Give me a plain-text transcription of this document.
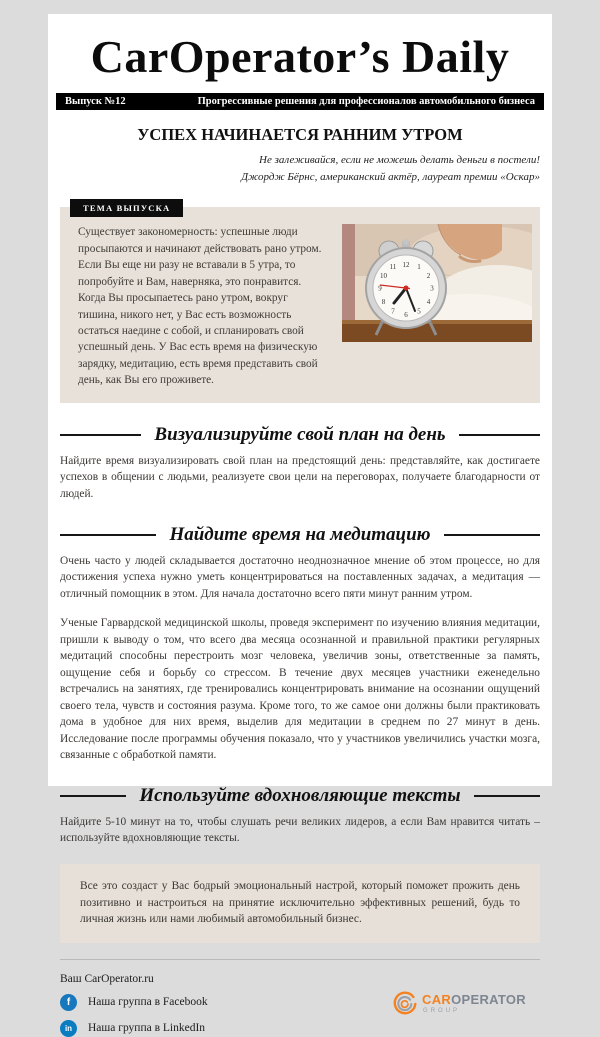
CarOperator’s Daily
Выпуск №12	Прогрессивные решения для профессионалов автомобильного бизнеса
УСПЕХ НАЧИНАЕТСЯ РАННИМ УТРОМ
Не залеживайся, если не можешь делать деньги в постели!
Джордж Бёрнс, американский актёр, лауреат премии «Оскар»
ТЕМА ВЫПУСКА
Существует закономерность: успешные люди просыпаются и начинают действовать рано утром. Если Вы еще ни разу не вставали в 5 утра, то попробуйте и Вам, наверняка, это понравится. Когда Вы просыпаетесь рано утром, вокруг тишина, никого нет, у Вас есть возможность остаться наедине с собой, и спланировать свой успешный день. У Вас есть время на физическую зарядку, медитацию, есть время представить свой день, как Вы его проживете.
12 1
2
3
4
5
6
7
8
9
10
11
Визуализируйте свой план на день

Найдите время визуализировать свой план на предстоящий день: представляйте, как достигаете успехов в общении с людьми, реализуете свои цели на переговорах, получаете благодарности от людей.

Найдите время на медитацию

Очень часто у людей складывается достаточно неоднозначное мнение об этом процессе, но для достижения успеха нужно уметь концентрироваться на поставленных задачах, а медитация — отличный помощник в этом. Для начала достаточно всего пяти минут ранним утром.

Ученые Гарвардской медицинской школы, проведя эксперимент по изучению влияния медитации, пришли к выводу о том, что всего два месяца осознанной и правильной практики регулярных медитаций способны перестроить мозг человека, увеличив зоны, ответственные за память, ощущение себя и борьбу со стрессом. В течение двух месяцев участники еженедельно встречались на занятиях, где тренировались концентрировать внимание на осознании ощущений своего тела, чувств и состояния разума. Кроме того, то же самое они должны были практиковать дома в удобное для них время, выделив для медитации в среднем по 27 минут в день. Исследование после программы обучения показало, что у участников увеличились участки мозга, связанные с обработкой памяти.

Используйте вдохновляющие тексты

Найдите 5-10 минут на то, чтобы слушать речи великих лидеров, а если Вам нравится читать – используйте вдохновляющие тексты.

Все это создаст у Вас бодрый эмоциональный настрой, который поможет прожить день позитивно и настроиться на принятие исключительно эффективных решений, будь то личная жизнь или нами любимый автомобильный бизнес.

Ваш CarOperator.ru
f	Наша группа в Facebook
in	Наша группа в LinkedIn
CAROPERATOR
GROUP
